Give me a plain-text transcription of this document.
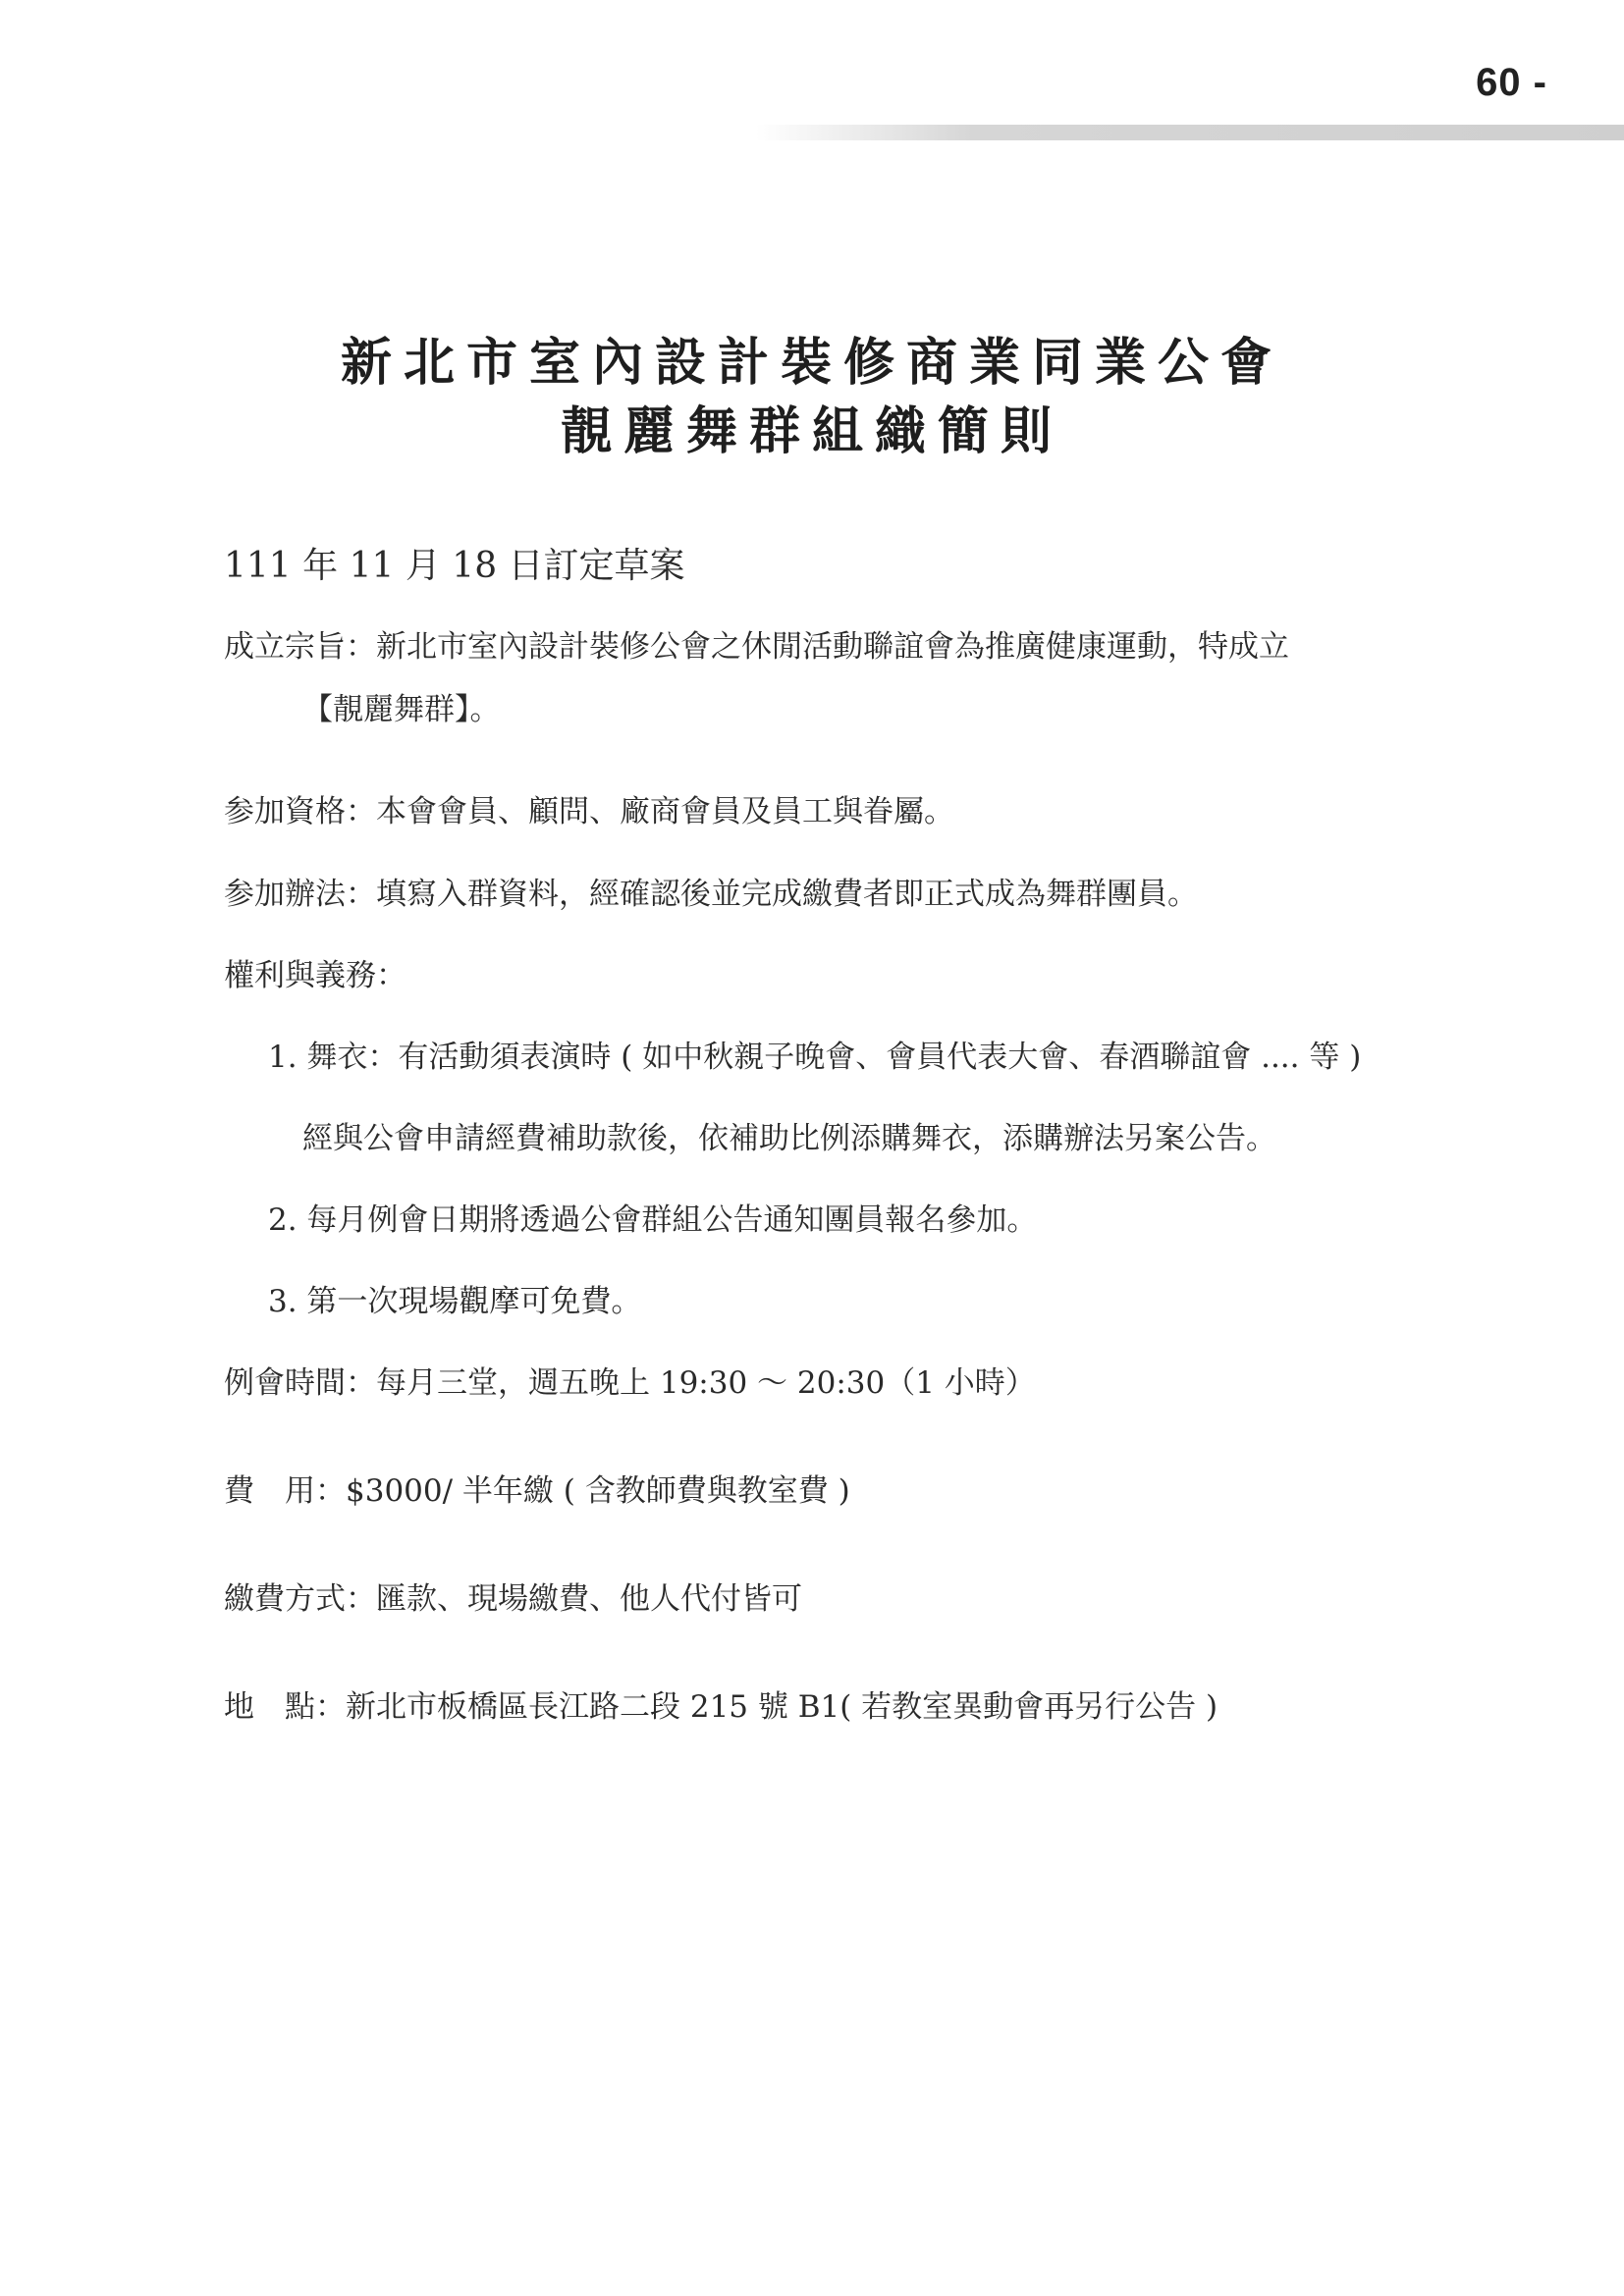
60 -
新北市室內設計裝修商業同業公會
靚麗舞群組織簡則
111 年 11 月 18 日訂定草案
成立宗旨：新北市室內設計裝修公會之休閒活動聯誼會為推廣健康運動，特成立
【靚麗舞群】。
参加資格：本會會員、顧問、廠商會員及員工與眷屬。
参加辦法：填寫入群資料，經確認後並完成繳費者即正式成為舞群團員。
權利與義務：
1. 舞衣：有活動須表演時 ( 如中秋親子晚會、會員代表大會、春酒聯誼會 .... 等 )
經與公會申請經費補助款後，依補助比例添購舞衣，添購辦法另案公告。
2. 每月例會日期將透過公會群組公告通知團員報名參加。
3. 第一次現場觀摩可免費。
例會時間：每月三堂，週五晚上 19:30 ～ 20:30（1 小時）
費　用：$3000/ 半年繳 ( 含教師費與教室費 )
繳費方式：匯款、現場繳費、他人代付皆可
地　點：新北市板橋區長江路二段 215 號 B1( 若教室異動會再另行公告 )
